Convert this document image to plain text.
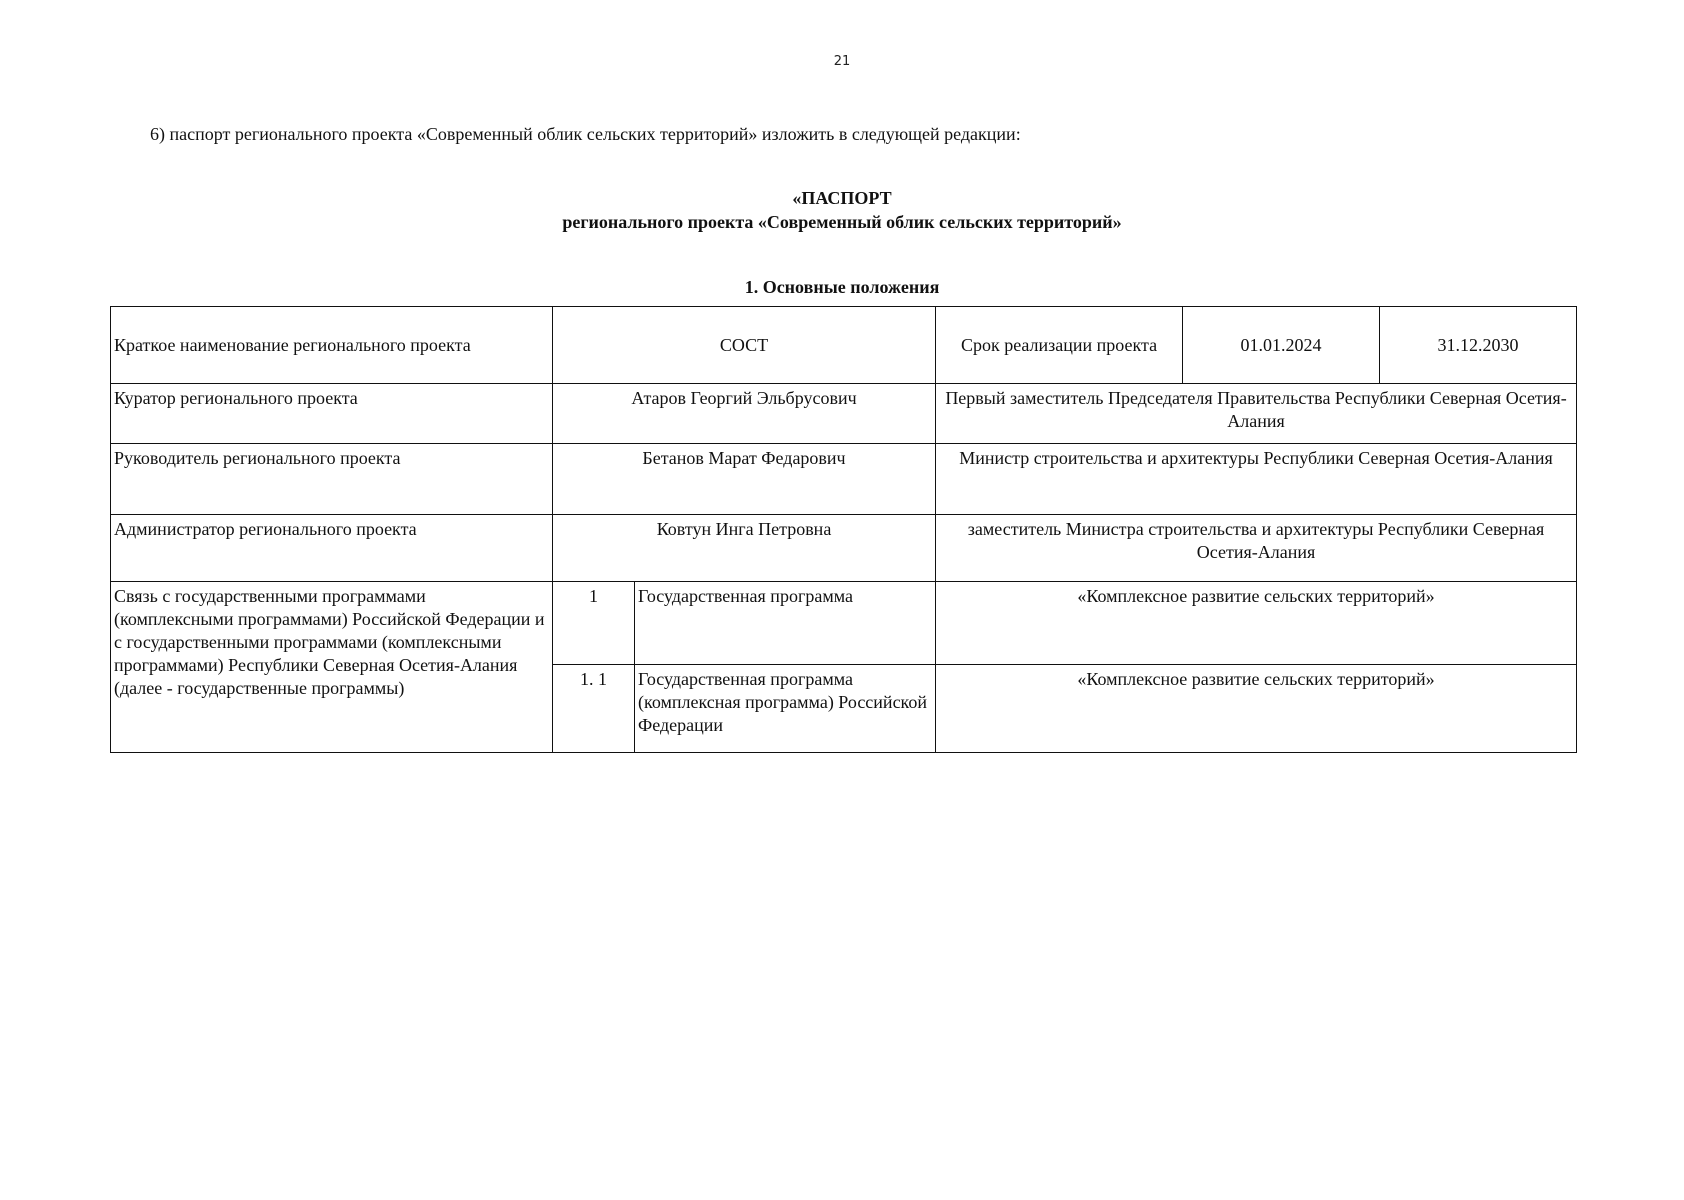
21
6) паспорт регионального проекта «Современный облик сельских территорий» изложить в следующей редакции:
«ПАСПОРТ
регионального проекта «Современный облик сельских территорий»
1. Основные положения
Краткое наименование регионального проекта	СОСТ		Срок реализации проекта	01.01.2024	31.12.2030
Куратор регионального проекта	Атаров Георгий Эльбрусович		Первый заместитель Председателя Правительства Республики Северная Осетия-Алания		
Руководитель регионального проекта	Бетанов Марат Федарович		Министр строительства и архитектуры Республики Северная Осетия-Алания		
Администратор регионального проекта	Ковтун Инга Петровна		заместитель Министра строительства и архитектуры Республики Северная Осетия-Алания		
Связь с государственными программами (комплексными программами) Российской Федерации и с государственными программами (комплексными программами) Республики Северная Осетия-Алания (далее - государственные программы)	1	Государственная программа	«Комплексное развитие сельских территорий»		
	1. 1	Государственная программа (комплексная программа) Российской Федерации	«Комплексное развитие сельских территорий»		
